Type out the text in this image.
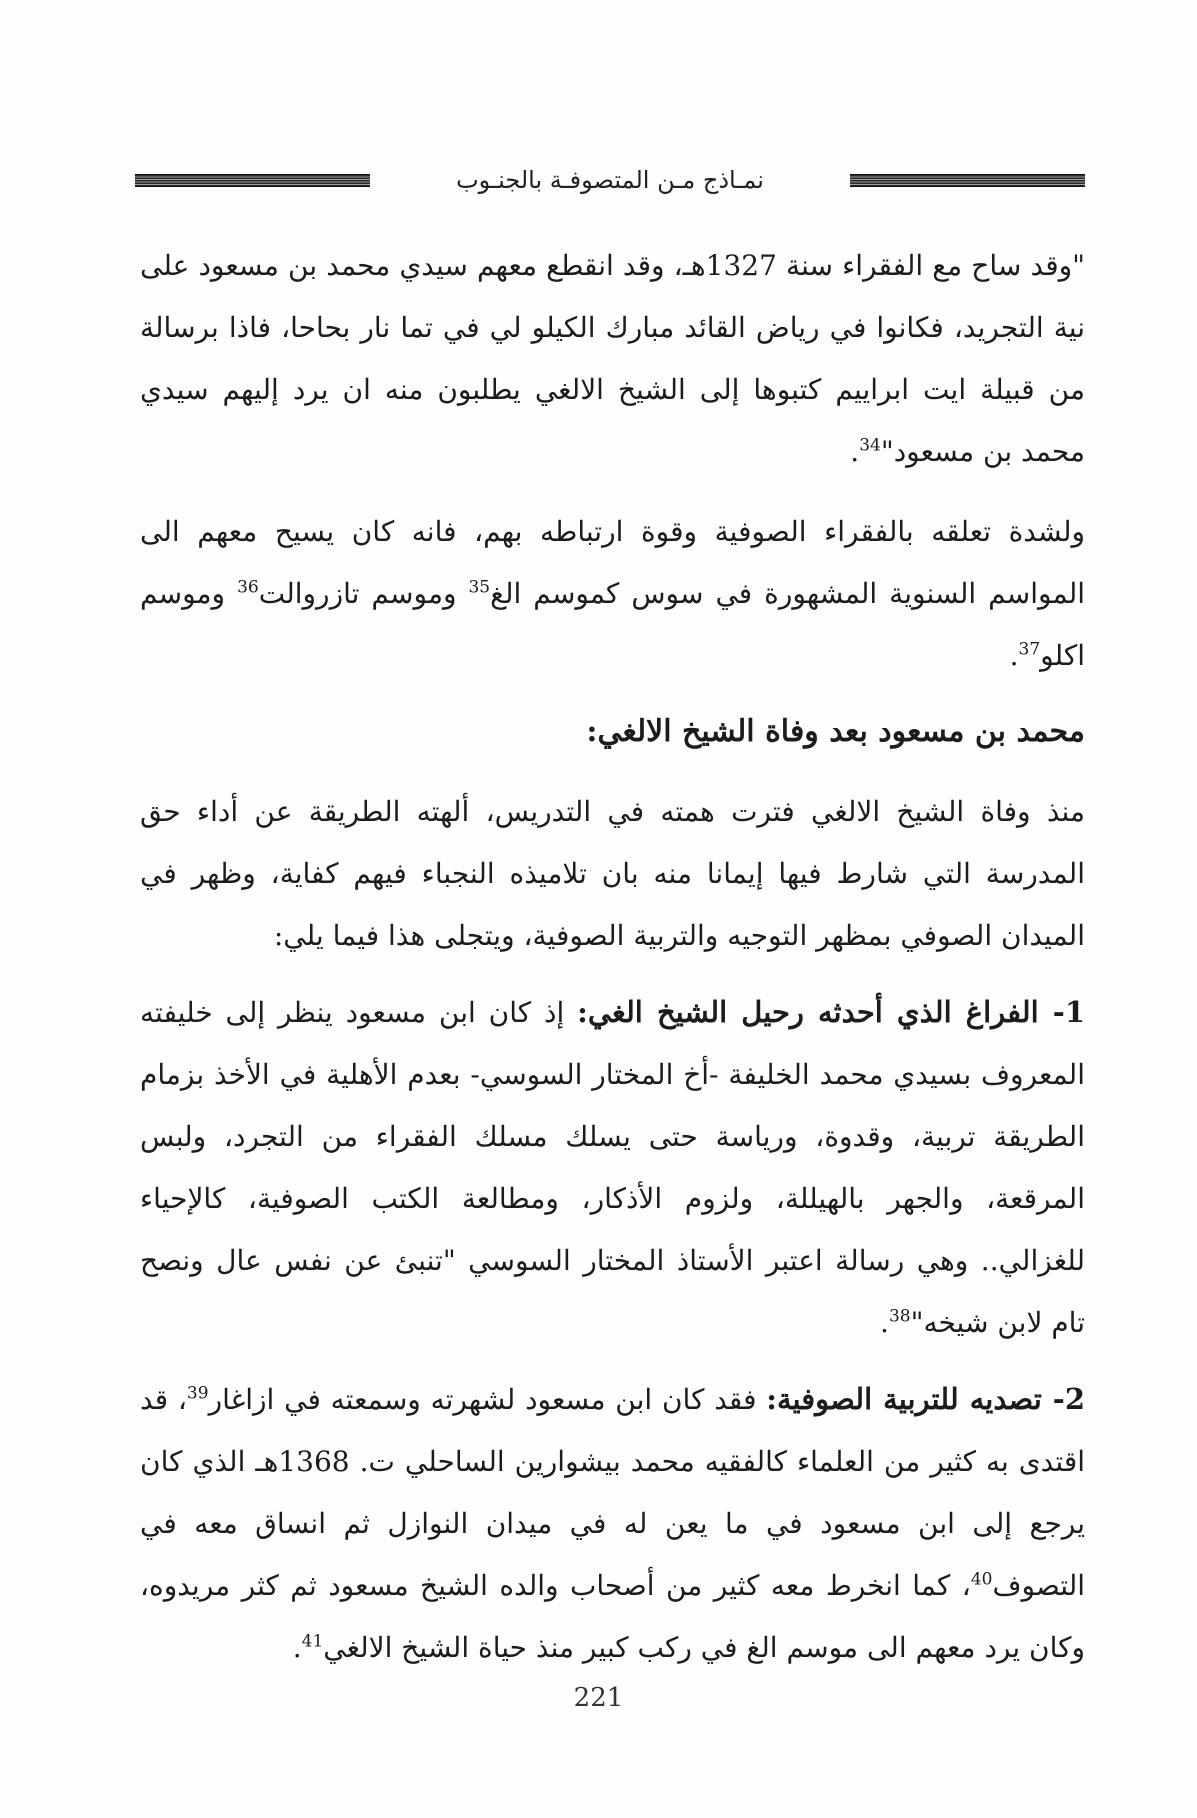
نمـاذج مـن المتصوفـة بالجنـوب

"وقد ساح مع الفقراء سنة 1327هـ، وقد انقطع معهم سيدي محمد بن مسعود على نية التجريد، فكانوا في رياض القائد مبارك الكيلو لي في تما نار بحاحا، فاذا برسالة من قبيلة ايت ابراييم كتبوها إلى الشيخ الالغي يطلبون منه ان يرد إليهم سيدي محمد بن مسعود"$^{34}$.

ولشدة تعلقه بالفقراء الصوفية وقوة ارتباطه بهم، فانه كان يسيح معهم الى المواسم السنوية المشهورة في سوس كموسم الغ$^{35}$ وموسم تازروالت$^{36}$ وموسم اكلو$^{37}$.

محمد بن مسعود بعد وفاة الشيخ الالغي:

منذ وفاة الشيخ الالغي فترت همته في التدريس، ألهته الطريقة عن أداء حق المدرسة التي شارط فيها إيمانا منه بان تلاميذه النجباء فيهم كفاية، وظهر في الميدان الصوفي بمظهر التوجيه والتربية الصوفية، ويتجلى هذا فيما يلي:

1- الفراغ الذي أحدثه رحيل الشيخ الغي: إذ كان ابن مسعود ينظر إلى خليفته المعروف بسيدي محمد الخليفة -أخ المختار السوسي- بعدم الأهلية في الأخذ بزمام الطريقة تربية، وقدوة، ورياسة حتى يسلك مسلك الفقراء من التجرد، ولبس المرقعة، والجهر بالهيللة، ولزوم الأذكار، ومطالعة الكتب الصوفية، كالإحياء للغزالي.. وهي رسالة اعتبر الأستاذ المختار السوسي "تنبئ عن نفس عال ونصح تام لابن شيخه"$^{38}$.

2- تصديه للتربية الصوفية: فقد كان ابن مسعود لشهرته وسمعته في ازاغار$^{39}$، قد اقتدى به كثير من العلماء كالفقيه محمد بيشوارين الساحلي ت. 1368هـ الذي كان يرجع إلى ابن مسعود في ما يعن له في ميدان النوازل ثم انساق معه في التصوف$^{40}$، كما انخرط معه كثير من أصحاب والده الشيخ مسعود ثم كثر مريدوه، وكان يرد معهم الى موسم الغ في ركب كبير منذ حياة الشيخ الالغي$^{41}$.

221
